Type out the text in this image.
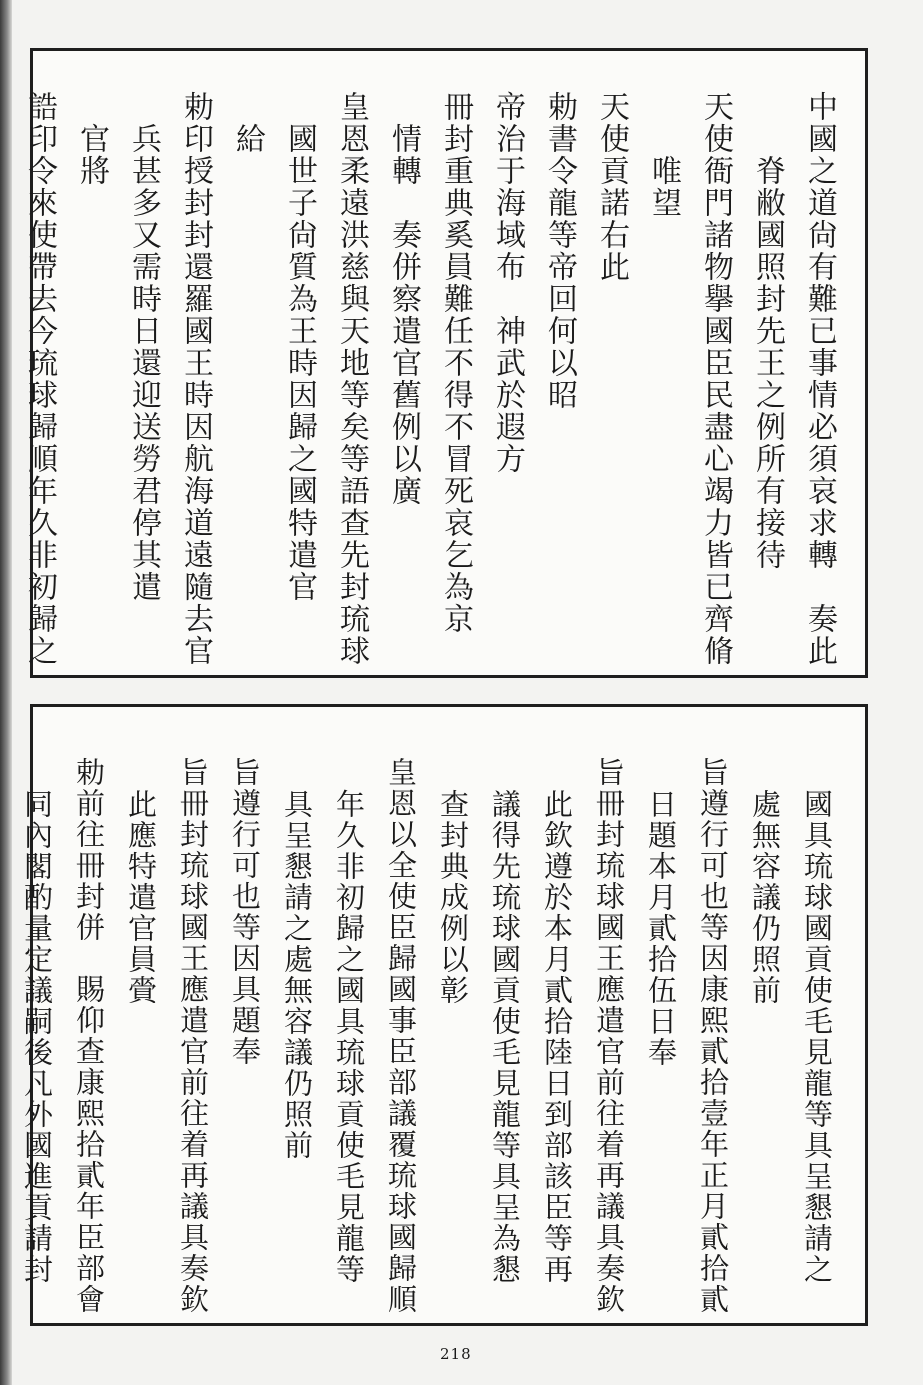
中國之道尙有難已事情必須哀求轉　奏此
脊敝國照封先王之例所有接待
天使衙門諸物擧國臣民盡心竭力皆已齊脩
唯望
天使貢諾右此
勅書令龍等帝回何以昭
帝治于海域布　神武於遐方
冊封重典奚員難任不得不冒死哀乞為京
情轉　奏併察遣官舊例以廣
皇恩柔遠洪慈與天地等矣等語查先封琉球
國世子尙質為王時因歸之國特遣官
給
勅印授封封還羅國王時因航海道遠隨去官
兵甚多又需時日還迎送勞君停其遣
官將
誥印令來使帶去今琉球歸順年久非初歸之
國具琉球國貢使毛見龍等具呈懇請之
處無容議仍照前
旨遵行可也等因康熙貳拾壹年正月貳拾貳
日題本月貳拾伍日奉
旨冊封琉球國王應遣官前往着再議具奏欽
此欽遵於本月貳拾陸日到部該臣等再
議得先琉球國貢使毛見龍等具呈為懇
查封典成例以彰
皇恩以全使臣歸國事臣部議覆琉球國歸順
年久非初歸之國具琉球貢使毛見龍等
具呈懇請之處無容議仍照前
旨遵行可也等因具題奉
旨冊封琉球國王應遣官前往着再議具奏欽
此應特遣官員賫
勅前往冊封併　賜仰查康熙拾貳年臣部會
同內閣酌量定議嗣後凡外國進貢請封
218
